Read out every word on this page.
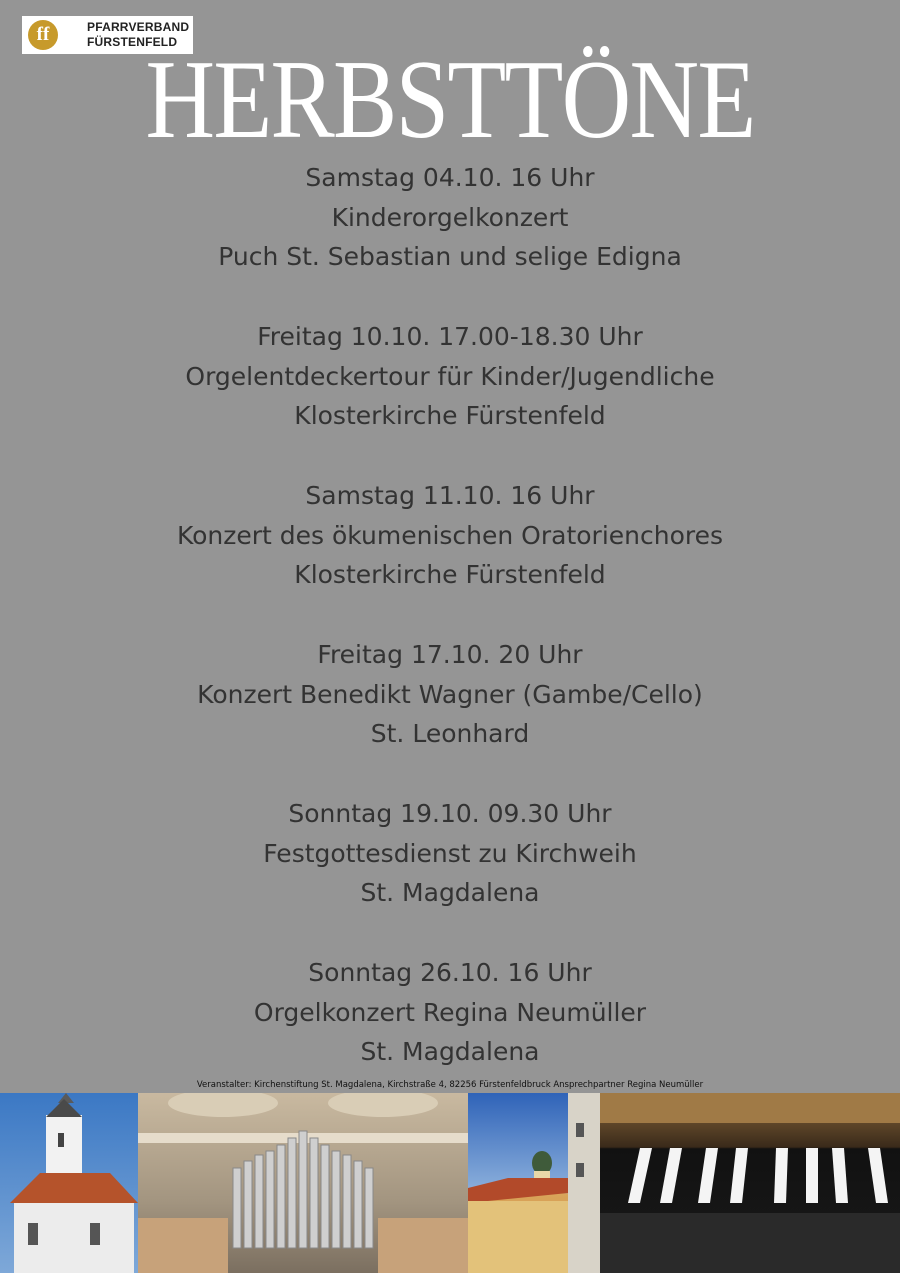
ff	PFARRVERBAND
FÜRSTENFELD
HERBSTTÖNE
Samstag 04.10. 16 Uhr
Kinderorgelkonzert
Puch St. Sebastian und selige Edigna
Freitag 10.10. 17.00-18.30 Uhr
Orgelentdeckertour für Kinder/Jugendliche
Klosterkirche Fürstenfeld
Samstag 11.10. 16 Uhr
Konzert des ökumenischen Oratorienchores
Klosterkirche Fürstenfeld
Freitag 17.10. 20 Uhr
Konzert Benedikt Wagner (Gambe/Cello)
St. Leonhard
Sonntag 19.10. 09.30 Uhr
Festgottesdienst zu Kirchweih
St. Magdalena
Sonntag 26.10. 16 Uhr
Orgelkonzert Regina Neumüller
St. Magdalena
Veranstalter: Kirchenstiftung St. Magdalena, Kirchstraße 4, 82256 Fürstenfeldbruck Ansprechpartner Regina Neumüller
